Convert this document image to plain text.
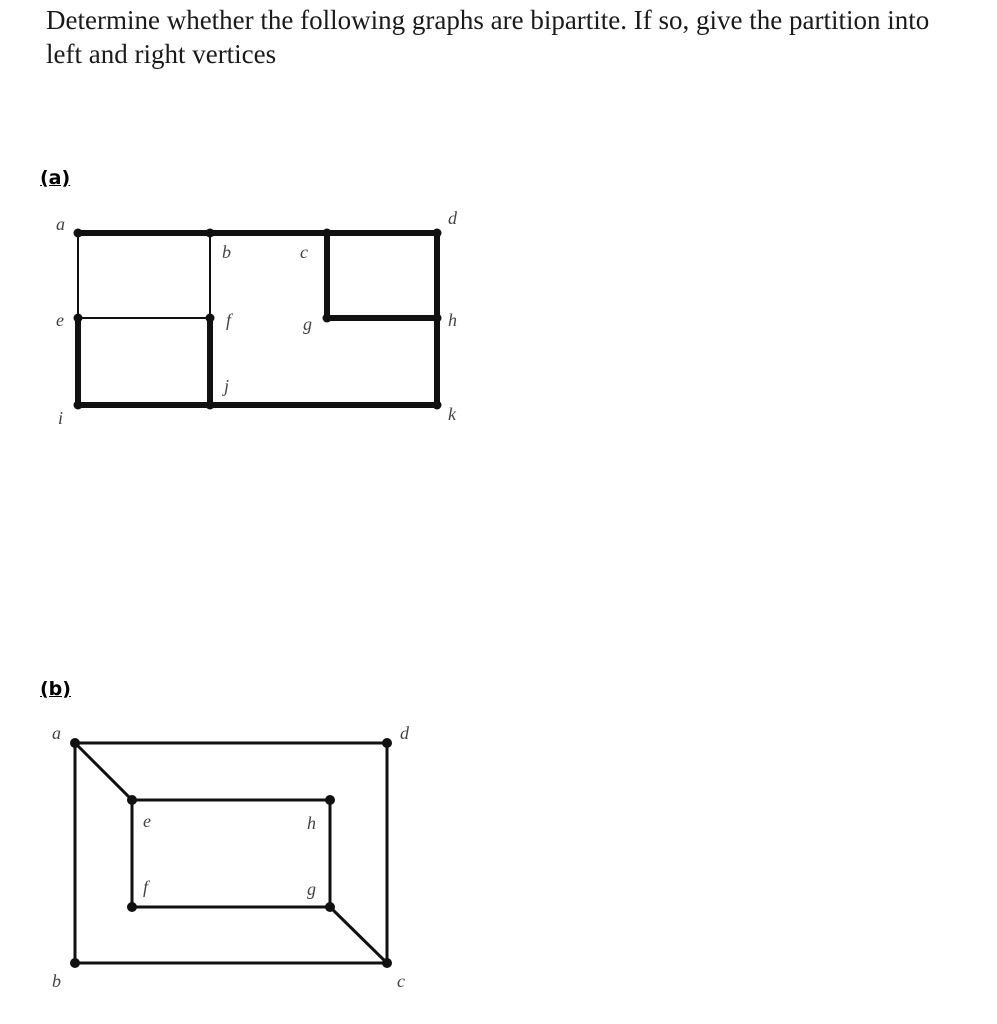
Determine whether the following graphs are bipartite. If so, give the partition into left and right vertices
(a)
a
b	c
d
e	f	g	h
i
j
k
(b)
a
b	c
d
e
f	g
h
